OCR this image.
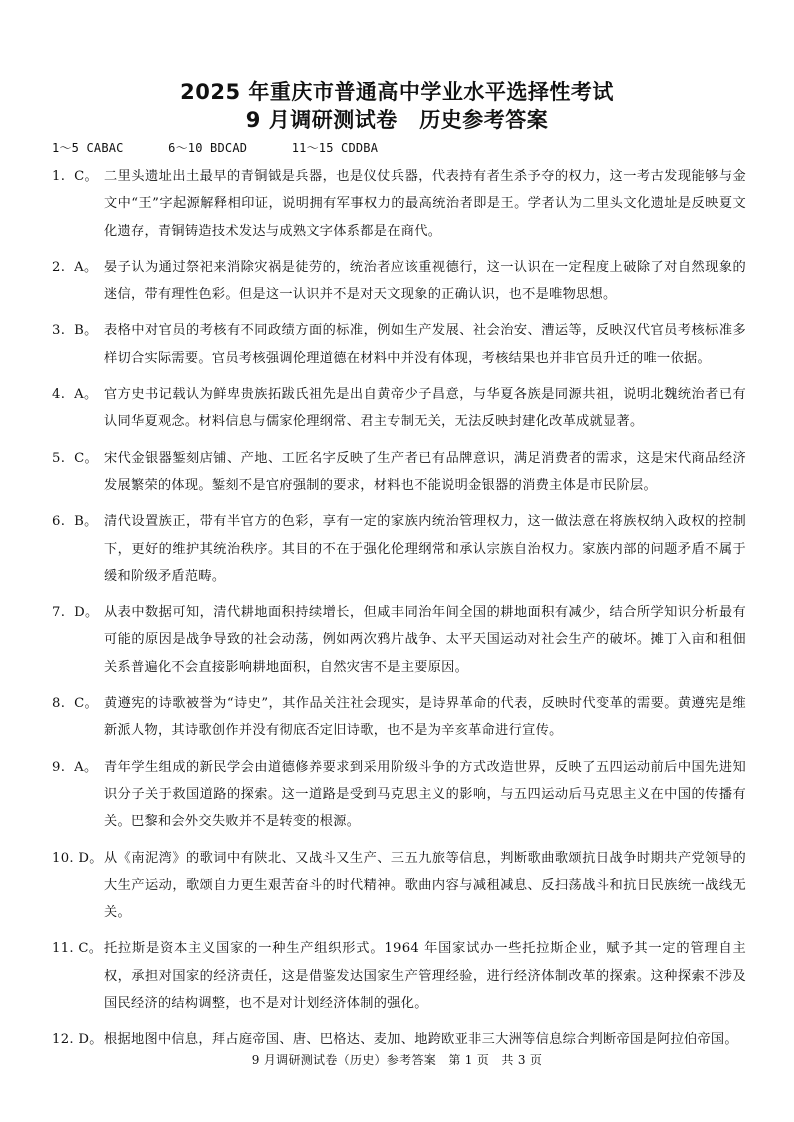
2025 年重庆市普通高中学业水平选择性考试
9 月调研测试卷　历史参考答案
1～5 CABAC      6～10 BDCAD      11～15 CDDBA
1.  C。 二里头遗址出土最早的青铜钺是兵器，也是仪仗兵器，代表持有者生杀予夺的权力，这一考古发现能够与金文中“王”字起源解释相印证，说明拥有军事权力的最高统治者即是王。学者认为二里头文化遗址是反映夏文化遗存，青铜铸造技术发达与成熟文字体系都是在商代。
2.  A。 晏子认为通过祭祀来消除灾祸是徒劳的，统治者应该重视德行，这一认识在一定程度上破除了对自然现象的迷信，带有理性色彩。但是这一认识并不是对天文现象的正确认识，也不是唯物思想。
3.  B。 表格中对官员的考核有不同政绩方面的标准，例如生产发展、社会治安、漕运等，反映汉代官员考核标准多样切合实际需要。官员考核强调伦理道德在材料中并没有体现，考核结果也并非官员升迁的唯一依据。
4.  A。 官方史书记载认为鲜卑贵族拓跋氏祖先是出自黄帝少子昌意，与华夏各族是同源共祖，说明北魏统治者已有认同华夏观念。材料信息与儒家伦理纲常、君主专制无关，无法反映封建化改革成就显著。
5.  C。 宋代金银器錾刻店铺、产地、工匠名字反映了生产者已有品牌意识，满足消费者的需求，这是宋代商品经济发展繁荣的体现。錾刻不是官府强制的要求，材料也不能说明金银器的消费主体是市民阶层。
6.  B。 清代设置族正，带有半官方的色彩，享有一定的家族内统治管理权力，这一做法意在将族权纳入政权的控制下，更好的维护其统治秩序。其目的不在于强化伦理纲常和承认宗族自治权力。家族内部的问题矛盾不属于缓和阶级矛盾范畴。
7.  D。 从表中数据可知，清代耕地面积持续增长，但咸丰同治年间全国的耕地面积有减少，结合所学知识分析最有可能的原因是战争导致的社会动荡，例如两次鸦片战争、太平天国运动对社会生产的破坏。摊丁入亩和租佃关系普遍化不会直接影响耕地面积，自然灾害不是主要原因。
8.  C。 黄遵宪的诗歌被誉为“诗史”，其作品关注社会现实，是诗界革命的代表，反映时代变革的需要。黄遵宪是维新派人物，其诗歌创作并没有彻底否定旧诗歌，也不是为辛亥革命进行宣传。
9.  A。 青年学生组成的新民学会由道德修养要求到采用阶级斗争的方式改造世界，反映了五四运动前后中国先进知识分子关于救国道路的探索。这一道路是受到马克思主义的影响，与五四运动后马克思主义在中国的传播有关。巴黎和会外交失败并不是转变的根源。
10. D。 从《南泥湾》的歌词中有陕北、又战斗又生产、三五九旅等信息，判断歌曲歌颂抗日战争时期共产党领导的大生产运动，歌颂自力更生艰苦奋斗的时代精神。歌曲内容与减租减息、反扫荡战斗和抗日民族统一战线无关。
11. C。 托拉斯是资本主义国家的一种生产组织形式。1964 年国家试办一些托拉斯企业，赋予其一定的管理自主权，承担对国家的经济责任，这是借鉴发达国家生产管理经验，进行经济体制改革的探索。这种探索不涉及国民经济的结构调整，也不是对计划经济体制的强化。
12. D。 根据地图中信息，拜占庭帝国、唐、巴格达、麦加、地跨欧亚非三大洲等信息综合判断帝国是阿拉伯帝国。
9 月调研测试卷（历史）参考答案　第 1 页　共 3 页
